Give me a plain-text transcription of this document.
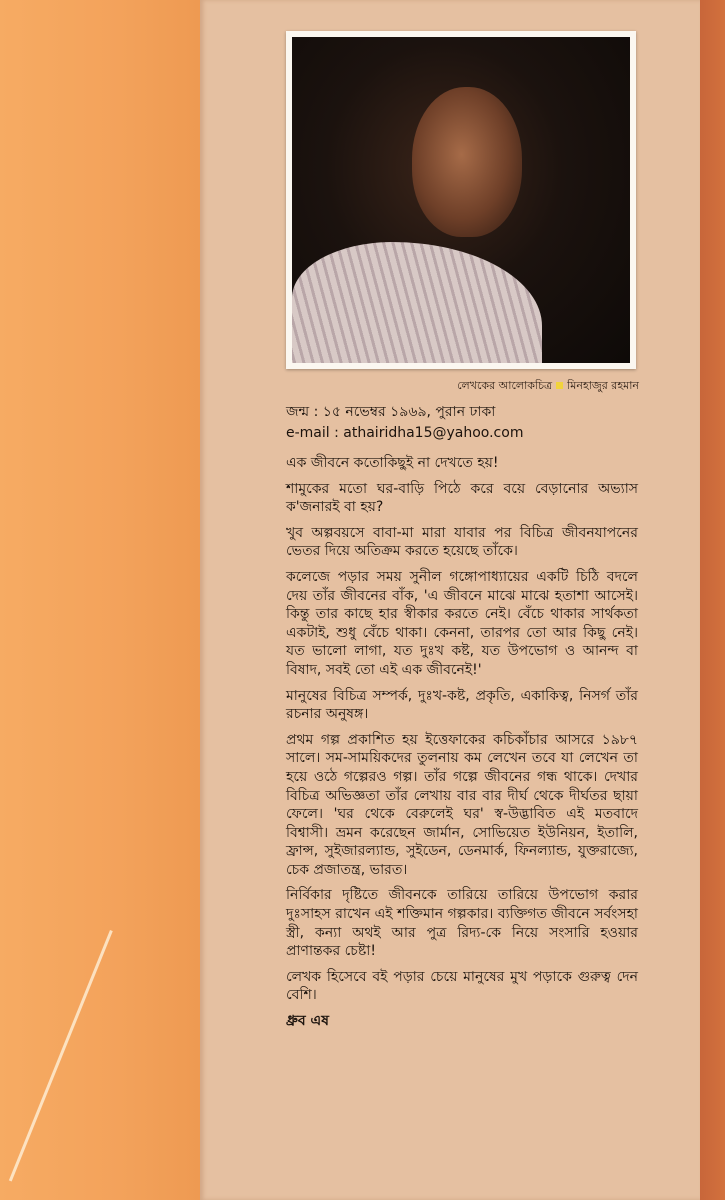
লেখকের আলোকচিত্র মিনহাজুর রহমান
জন্ম : ১৫ নভেম্বর ১৯৬৯, পুরান ঢাকা
e-mail : athairidha15@yahoo.com

এক জীবনে কতোকিছুই না দেখতে হয়!

শামুকের মতো ঘর-বাড়ি পিঠে করে বয়ে বেড়ানোর অভ্যাস ক'জনারই বা হয়?

খুব অল্পবয়সে বাবা-মা মারা যাবার পর বিচিত্র জীবনযাপনের ভেতর দিয়ে অতিক্রম করতে হয়েছে তাঁকে।

কলেজে পড়ার সময় সুনীল গঙ্গোপাধ্যায়ের একটি চিঠি বদলে দেয় তাঁর জীবনের বাঁক, 'এ জীবনে মাঝে মাঝে হতাশা আসেই। কিন্তু তার কাছে হার স্বীকার করতে নেই। বেঁচে থাকার সার্থকতা একটাই, শুধু বেঁচে থাকা। কেননা, তারপর তো আর কিছু নেই। যত ভালো লাগা, যত দুঃখ কষ্ট, যত উপভোগ ও আনন্দ বা বিষাদ, সবই তো এই এক জীবনেই!'

মানুষের বিচিত্র সম্পর্ক, দুঃখ-কষ্ট, প্রকৃতি, একাকিত্ব, নিসর্গ তাঁর রচনার অনুষঙ্গ।

প্রথম গল্প প্রকাশিত হয় ইত্তেফাকের কচিকাঁচার আসরে ১৯৮৭ সালে। সম-সাময়িকদের তুলনায় কম লেখেন তবে যা লেখেন তা হয়ে ওঠে গল্পেরও গল্প। তাঁর গল্পে জীবনের গন্ধ থাকে। দেখার বিচিত্র অভিজ্ঞতা তাঁর লেখায় বার বার দীর্ঘ থেকে দীর্ঘতর ছায়া ফেলে। 'ঘর থেকে বেরুলেই ঘর' স্ব-উদ্ভাবিত এই মতবাদে বিশ্বাসী। ভ্রমন করেছেন জার্মান, সোভিয়েত ইউনিয়ন, ইতালি, ফ্রান্স, সুইজারল্যান্ড, সুইডেন, ডেনমার্ক, ফিনল্যান্ড, যুক্তরাজ্যে, চেক প্রজাতন্ত্র, ভারত।

নির্বিকার দৃষ্টিতে জীবনকে তারিয়ে তারিয়ে উপভোগ করার দুঃসাহস রাখেন এই শক্তিমান গল্পকার। ব্যক্তিগত জীবনে সর্বংসহা স্ত্রী, কন্যা অথই আর পুত্র রিদ্য-কে নিয়ে সংসারি হওয়ার প্রাণান্তকর চেষ্টা!

লেখক হিসেবে বই পড়ার চেয়ে মানুষের মুখ পড়াকে গুরুত্ব দেন বেশি।

ধ্রুব এষ
